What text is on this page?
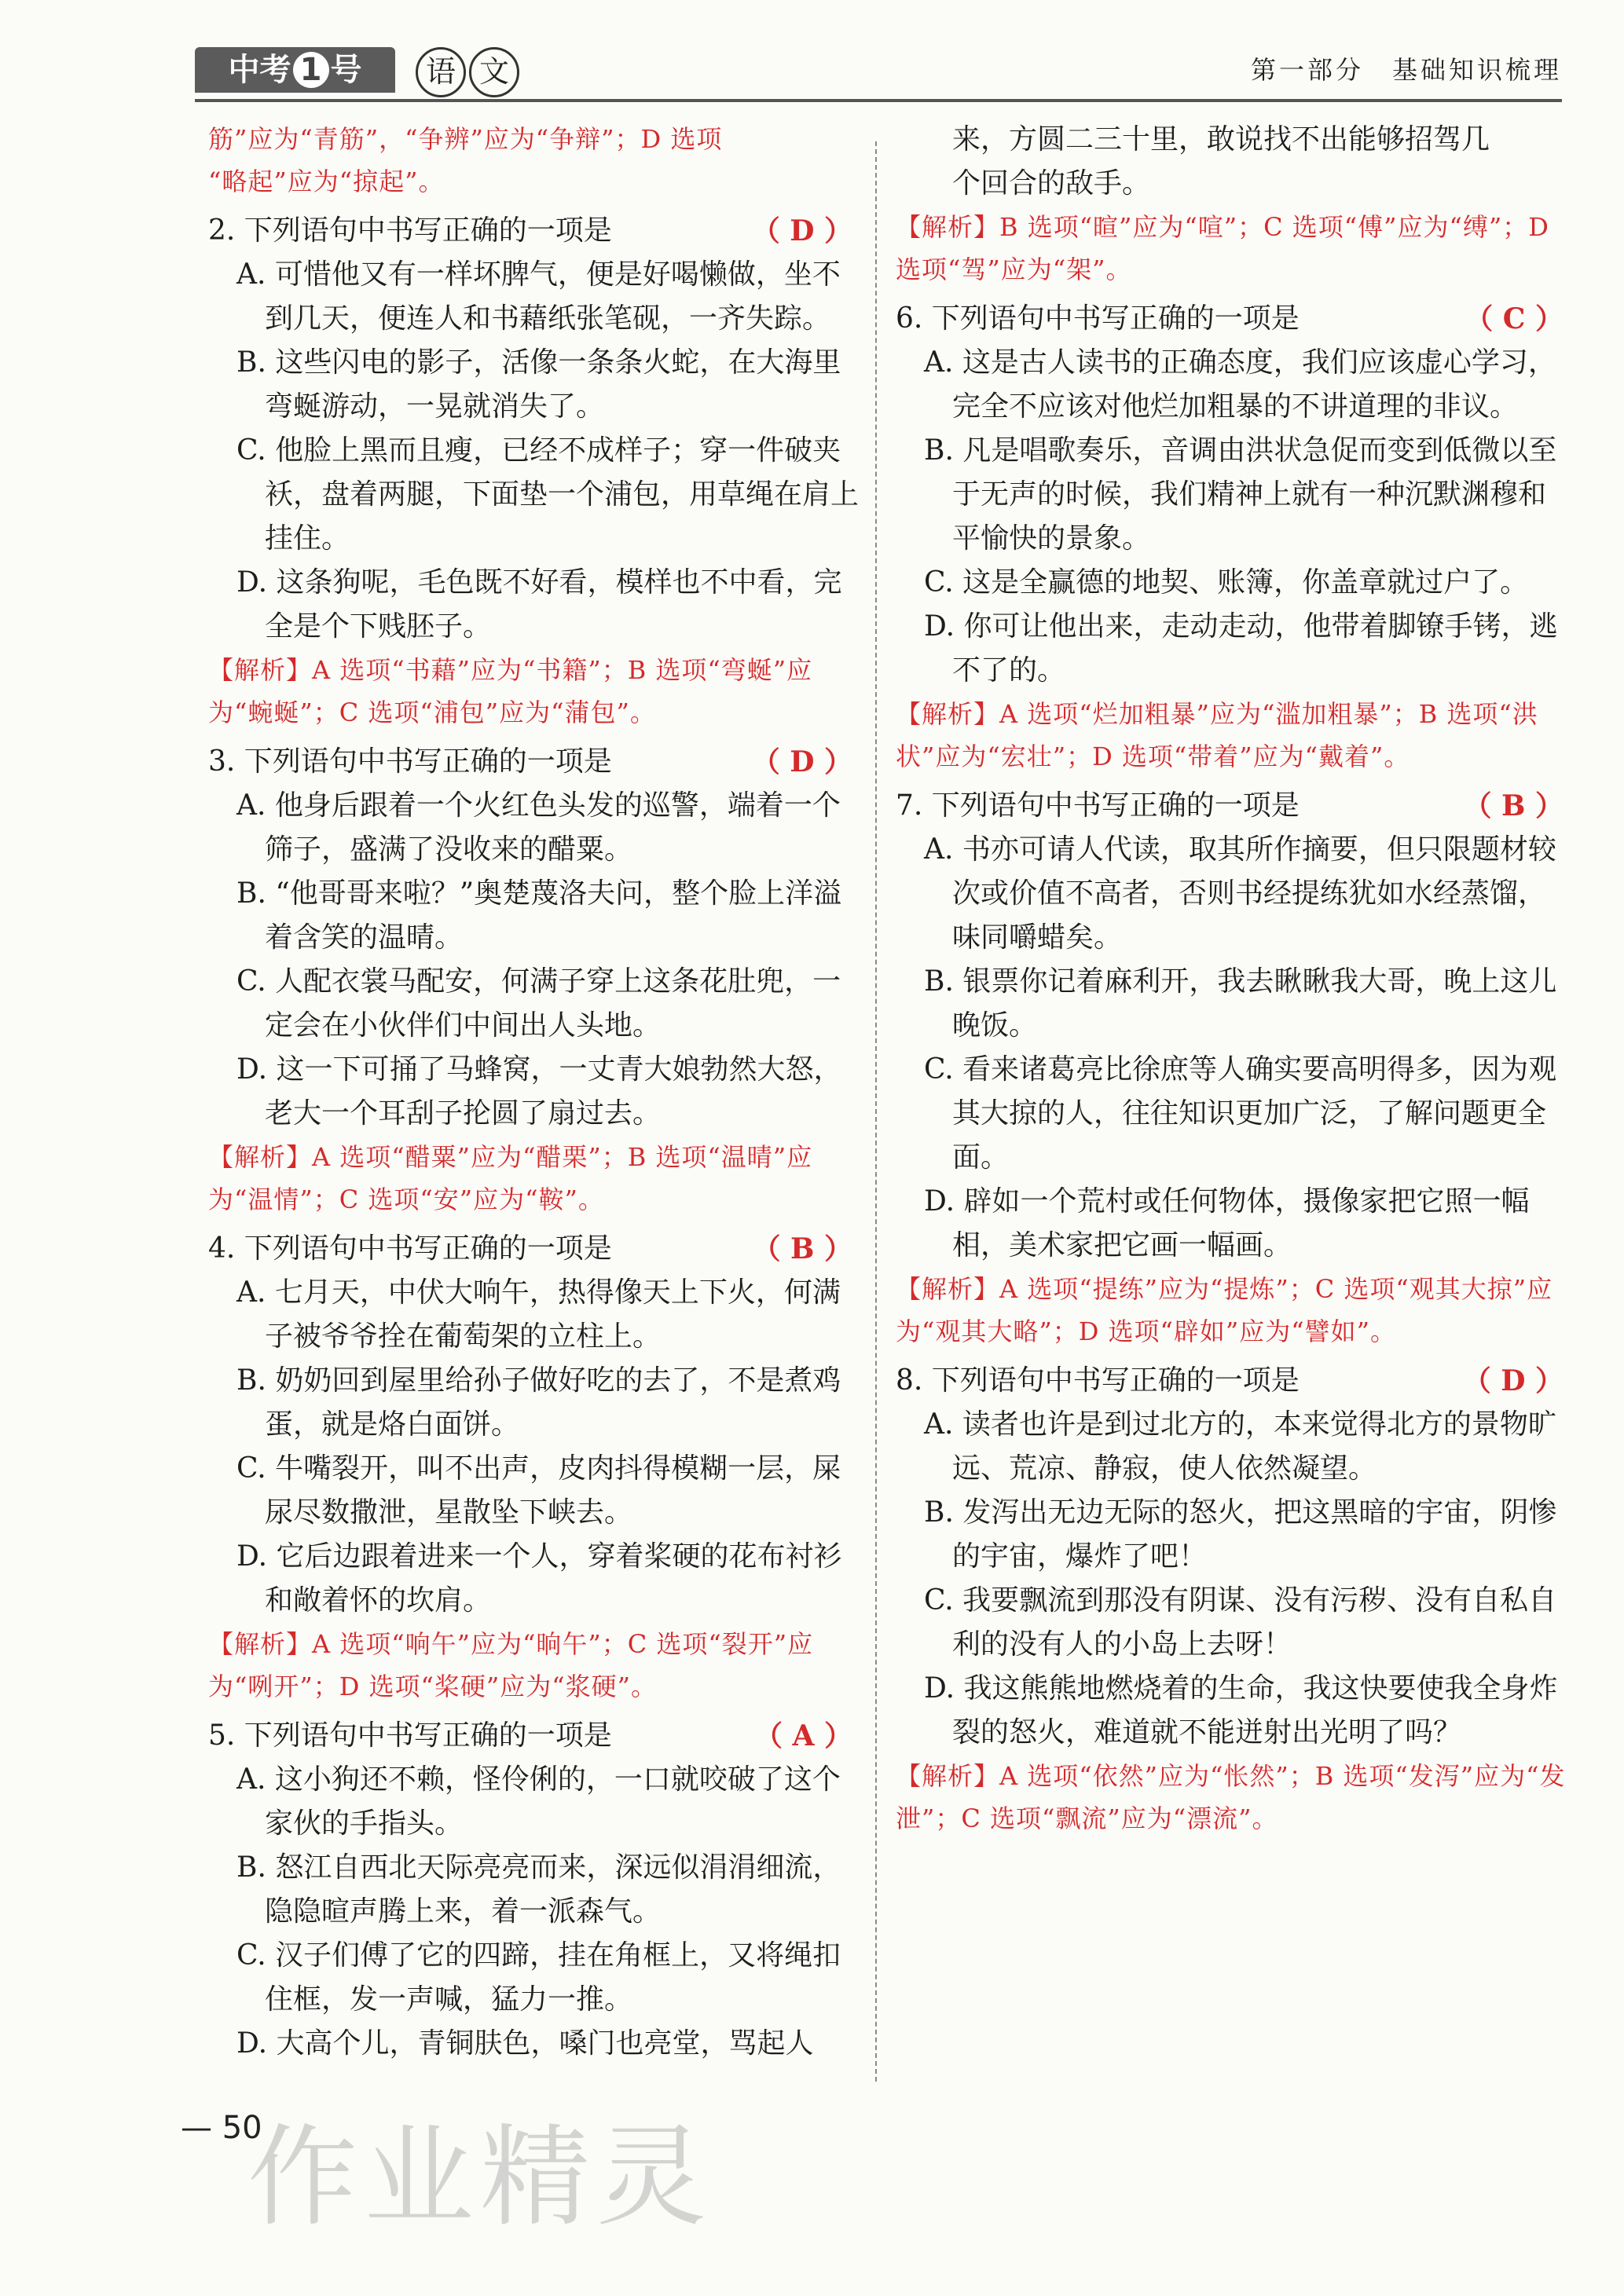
中考 1 号	语 文	第一部分　基础知识梳理
筋”应为“青筋”，“争辨”应为“争辩”；D 选项
“略起”应为“掠起”。
2. 下列语句中书写正确的一项是	（ D ）
A. 可惜他又有一样坏脾气，便是好喝懒做，坐不到几天，便连人和书藉纸张笔砚，一齐失踪。
B. 这些闪电的影子，活像一条条火蛇，在大海里弯蜒游动，一晃就消失了。
C. 他脸上黑而且瘦，已经不成样子；穿一件破夹袄，盘着两腿，下面垫一个浦包，用草绳在肩上挂住。
D. 这条狗呢，毛色既不好看，模样也不中看，完全是个下贱胚子。
【解析】A 选项“书藉”应为“书籍”；B 选项“弯蜒”应为“蜿蜒”；C 选项“浦包”应为“蒲包”。
3. 下列语句中书写正确的一项是	（ D ）
A. 他身后跟着一个火红色头发的巡警，端着一个筛子，盛满了没收来的醋粟。
B. “他哥哥来啦？”奥楚蔑洛夫问，整个脸上洋溢着含笑的温晴。
C. 人配衣裳马配安，何满子穿上这条花肚兜，一定会在小伙伴们中间出人头地。
D. 这一下可捅了马蜂窝，一丈青大娘勃然大怒，老大一个耳刮子抡圆了扇过去。
【解析】A 选项“醋粟”应为“醋栗”；B 选项“温晴”应为“温情”；C 选项“安”应为“鞍”。
4. 下列语句中书写正确的一项是	（ B ）
A. 七月天，中伏大响午，热得像天上下火，何满子被爷爷拴在葡萄架的立柱上。
B. 奶奶回到屋里给孙子做好吃的去了，不是煮鸡蛋，就是烙白面饼。
C. 牛嘴裂开，叫不出声，皮肉抖得模糊一层，屎尿尽数撒泄，星散坠下峡去。
D. 它后边跟着进来一个人，穿着桨硬的花布衬衫和敞着怀的坎肩。
【解析】A 选项“响午”应为“晌午”；C 选项“裂开”应为“咧开”；D 选项“桨硬”应为“浆硬”。
5. 下列语句中书写正确的一项是	（ A ）
A. 这小狗还不赖，怪伶俐的，一口就咬破了这个家伙的手指头。
B. 怒江自西北天际亮亮而来，深远似涓涓细流，隐隐暄声腾上来，着一派森气。
C. 汉子们傅了它的四蹄，挂在角框上，又将绳扣住框，发一声喊，猛力一推。
D. 大高个儿，青铜肤色，嗓门也亮堂，骂起人
来，方圆二三十里，敢说找不出能够招驾几
个回合的敌手。
【解析】B 选项“暄”应为“喧”；C 选项“傅”应为“缚”；D 选项“驾”应为“架”。
6. 下列语句中书写正确的一项是	（ C ）
A. 这是古人读书的正确态度，我们应该虚心学习，完全不应该对他烂加粗暴的不讲道理的非议。
B. 凡是唱歌奏乐，音调由洪状急促而变到低微以至于无声的时候，我们精神上就有一种沉默渊穆和平愉快的景象。
C. 这是全赢德的地契、账簿，你盖章就过户了。
D. 你可让他出来，走动走动，他带着脚镣手铐，逃不了的。
【解析】A 选项“烂加粗暴”应为“滥加粗暴”；B 选项“洪状”应为“宏壮”；D 选项“带着”应为“戴着”。
7. 下列语句中书写正确的一项是	（ B ）
A. 书亦可请人代读，取其所作摘要，但只限题材较次或价值不高者，否则书经提练犹如水经蒸馏，味同嚼蜡矣。
B. 银票你记着麻利开，我去瞅瞅我大哥，晚上这儿晚饭。
C. 看来诸葛亮比徐庶等人确实要高明得多，因为观其大掠的人，往往知识更加广泛，了解问题更全面。
D. 辟如一个荒村或任何物体，摄像家把它照一幅相，美术家把它画一幅画。
【解析】A 选项“提练”应为“提炼”；C 选项“观其大掠”应为“观其大略”；D 选项“辟如”应为“譬如”。
8. 下列语句中书写正确的一项是	（ D ）
A. 读者也许是到过北方的，本来觉得北方的景物旷远、荒凉、静寂，使人依然凝望。
B. 发泻出无边无际的怒火，把这黑暗的宇宙，阴惨的宇宙，爆炸了吧！
C. 我要飘流到那没有阴谋、没有污秽、没有自私自利的没有人的小岛上去呀！
D. 我这熊熊地燃烧着的生命，我这快要使我全身炸裂的怒火，难道就不能迸射出光明了吗？
【解析】A 选项“依然”应为“怅然”；B 选项“发泻”应为“发泄”；C 选项“飘流”应为“漂流”。
— 50
作业精灵
